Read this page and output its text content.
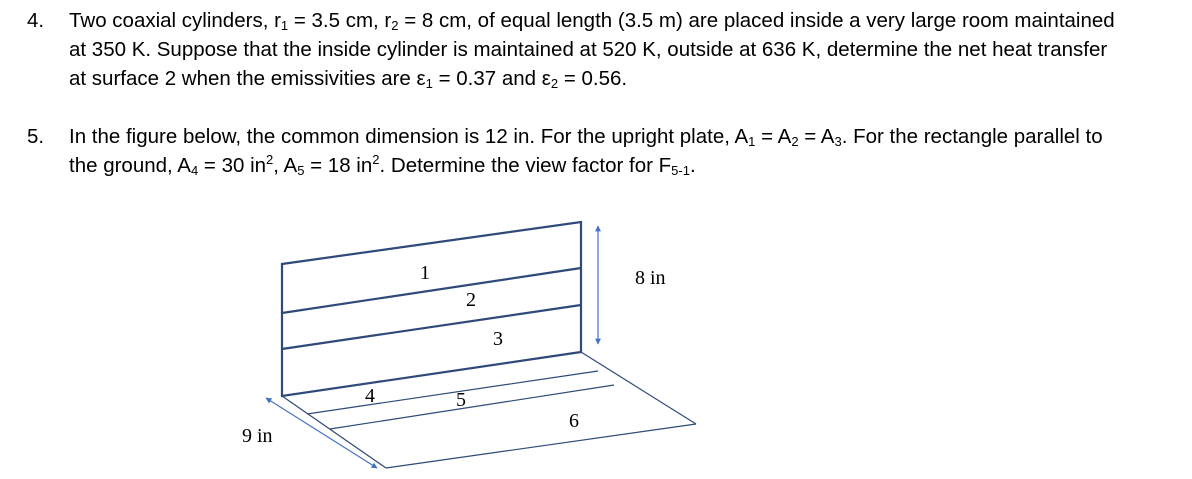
4. Two coaxial cylinders, $r_1 = 3.5$ cm, $r_2 = 8$ cm, of equal length (3.5 m) are placed inside a very large room maintained
at 350 K. Suppose that the inside cylinder is maintained at 520 K, outside at 636 K, determine the net heat transfer
at surface 2 when the emissivities are $\varepsilon_1 = 0.37$ and $\varepsilon_2 = 0.56$.
5. In the figure below, the common dimension is 12 in. For the upright plate, $A_1 = A_2 = A_3$. For the rectangle parallel to
the ground, $A_4 = 30$ $in^2$, $A_5 = 18$ $in^2$. Determine the view factor for $F_{5-1}$.
1
2
3
4	5
6
8 in
9 in
